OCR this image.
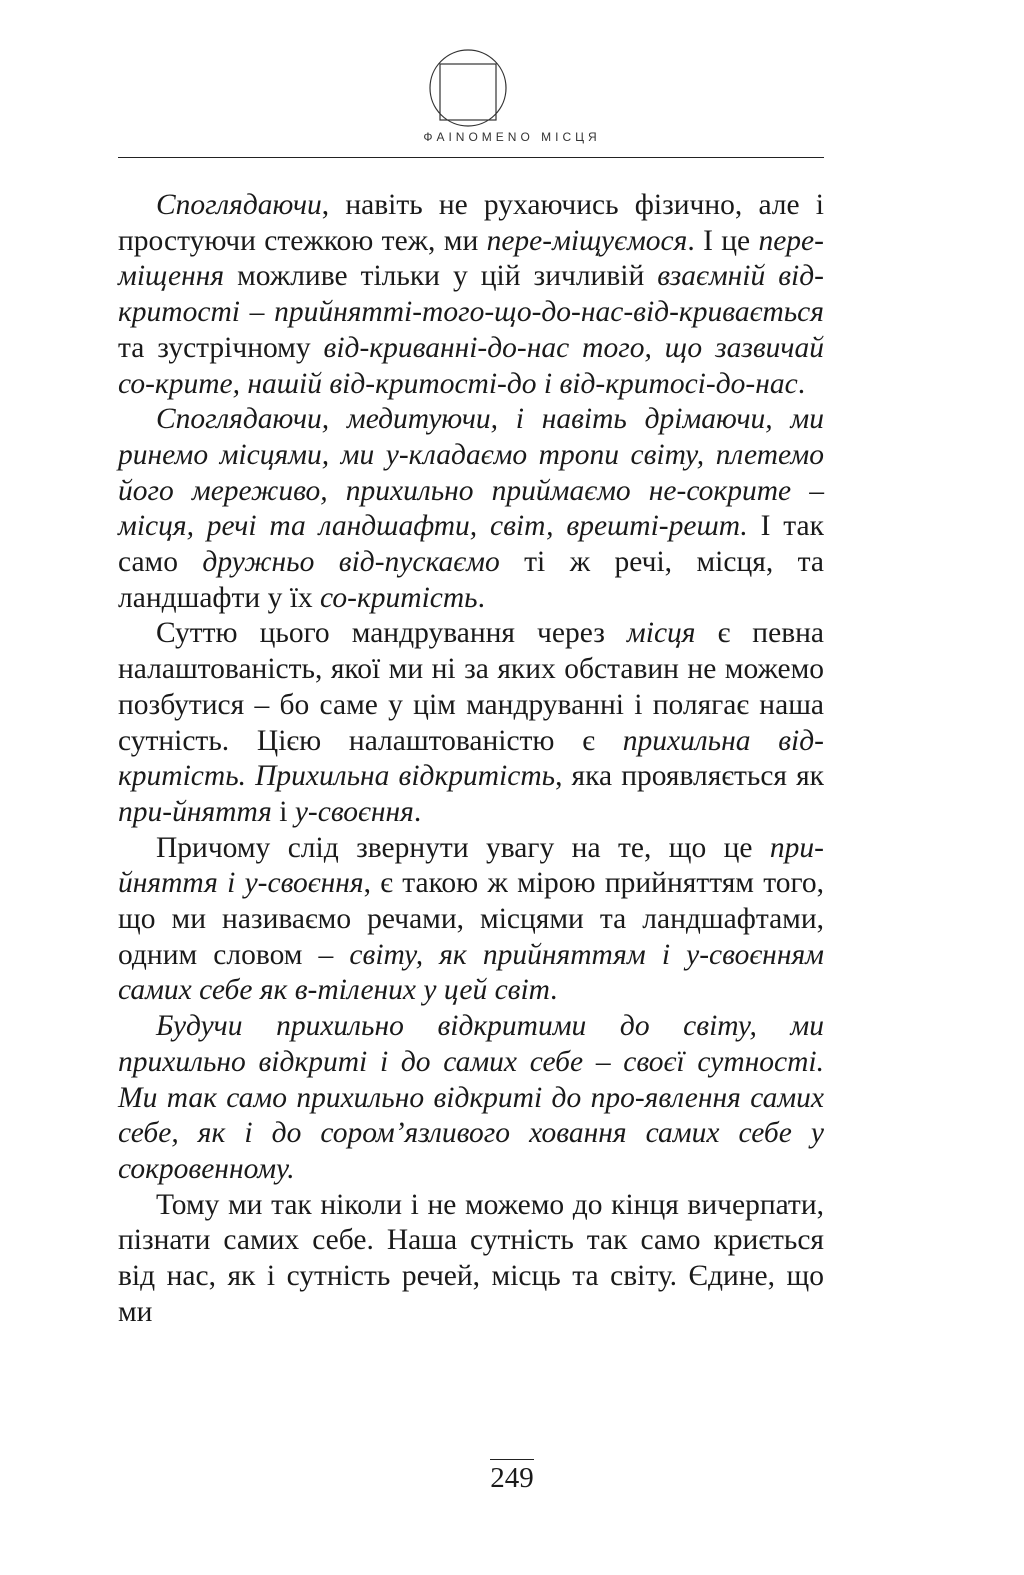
ФAINOMENO МІСЦЯ

Споглядаючи, навіть не рухаючись фізично, але і простуючи стежкою теж, ми пере-міщуємося. І це пере-міщення можливе тільки у цій зичливій взаємній від-критості – прийнятті-того-що-до-нас-від-кривається та зустрічному від-криванні-до-нас того, що зазвичай со-крите, нашій від-критості-до і від-критосі-до-нас.

Споглядаючи, медитуючи, і навіть дрімаючи, ми ринемо місцями, ми у-кладаємо тропи світу, плетемо його мереживо, прихильно приймаємо не-сокрите – місця, речі та ландшафти, світ, врешті-решт. І так само дружньо від-пускаємо ті ж речі, місця, та ландшафти у їх со-критість.

Суттю цього мандрування через місця є певна налаштованість, якої ми ні за яких обставин не можемо позбутися – бо саме у цім мандруванні і полягає наша сутність. Цією налаштованістю є прихильна від-критість. Прихильна відкритість, яка проявляється як при-йняття і у-своєння.

Причому слід звернути увагу на те, що це при-йняття і у-своєння, є такою ж мірою прийняттям того, що ми називаємо речами, місцями та ландшафтами, одним словом – світу, як прийняттям і у-своєнням самих себе як в-тілених у цей світ.

Будучи прихильно відкритими до світу, ми прихильно відкриті і до самих себе – своєї сутності. Ми так само прихильно відкриті до про-явлення самих себе, як і до сором’язливого ховання самих себе у сокровенному.

Тому ми так ніколи і не можемо до кінця вичерпати, пізнати самих себе. Наша сутність так само криється від нас, як і сутність речей, місць та світу. Єдине, що ми

249
